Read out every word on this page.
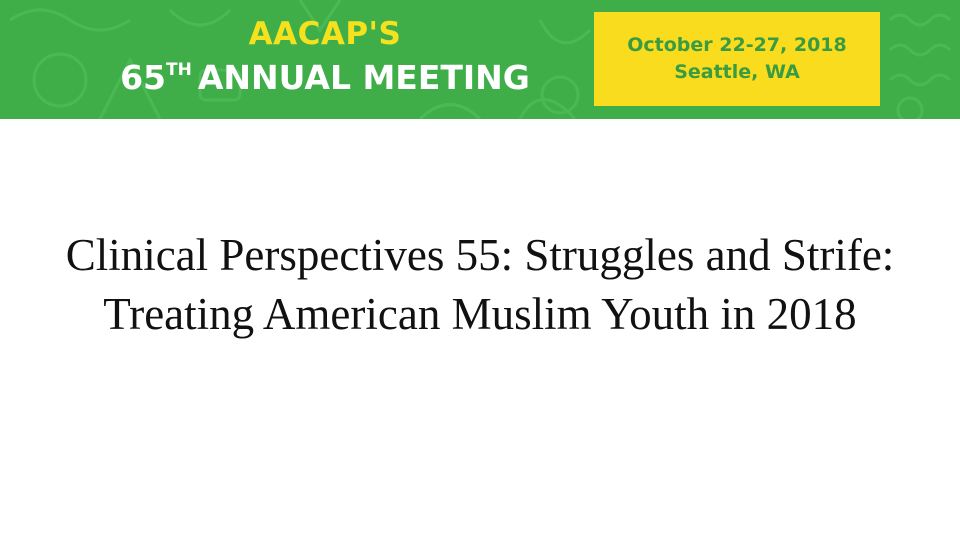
AACAP'S
65TH ANNUAL MEETING
October 22-27, 2018
Seattle, WA
Clinical Perspectives 55: Struggles and Strife: Treating American Muslim Youth in 2018
